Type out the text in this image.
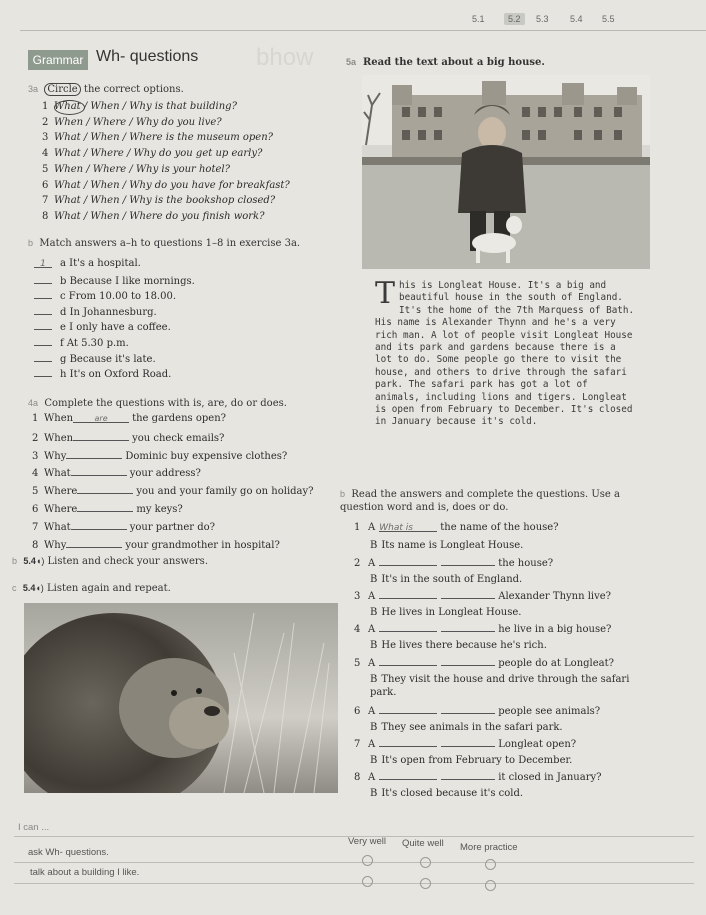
5.1	5.2	5.3 5.4 5.5
Grammar Wh- questions bhow
3a Circle the correct options.
1 What / When / Why is that building?
2 When / Where / Why do you live?
3 What / When / Where is the museum open?
4 What / Where / Why do you get up early?
5 When / Where / Why is your hotel?
6 What / When / Why do you have for breakfast?
7 What / When / Why is the bookshop closed?
8 What / When / Where do you finish work?
b Match answers a–h to questions 1–8 in exercise 3a.
1 a It's a hospital.
b Because I like mornings.
c From 10.00 to 18.00.
d In Johannesburg.
e I only have a coffee.
f At 5.30 p.m.
g Because it's late.
h It's on Oxford Road.
4a Complete the questions with is, are, do or does.
1 When	are the gardens open?
2 When	you check emails?
3 Why	Dominic buy expensive clothes?
4 What	your address?
5 Where	you and your family go on holiday?
6 Where	my keys?
7 What	your partner do?
8 Why	your grandmother in hospital?
b 5.4◖) Listen and check your answers.
c 5.4◖) Listen again and repeat.
5a Read the text about a big house.
This is Longleat House. It's a big and beautiful house in the south of England. It's the home of the 7th Marquess of Bath. His name is Alexander Thynn and he's a very rich man. A lot of people visit Longleat House and its park and gardens because there is a lot to do. Some people go there to visit the house, and others to drive through the safari park. The safari park has got a lot of animals, including lions and tigers. Longleat is open from February to December. It's closed in January because it's cold.
b Read the answers and complete the questions. Use a question word and is, does or do.
1 A What is	the name of the house?
B Its name is Longleat House.
2 A	the house?
B It's in the south of England.
3 A	Alexander Thynn live?
B He lives in Longleat House.
4 A	he live in a big house?
B He lives there because he's rich.
5 A	people do at Longleat?
B They visit the house and drive through the safari park.
6 A	people see animals?
B They see animals in the safari park.
7 A	Longleat open?
B It's open from February to December.
8 A	it closed in January?
B It's closed because it's cold.
I can ...
Very well Quite well More practice
ask Wh- questions.
talk about a building I like.
